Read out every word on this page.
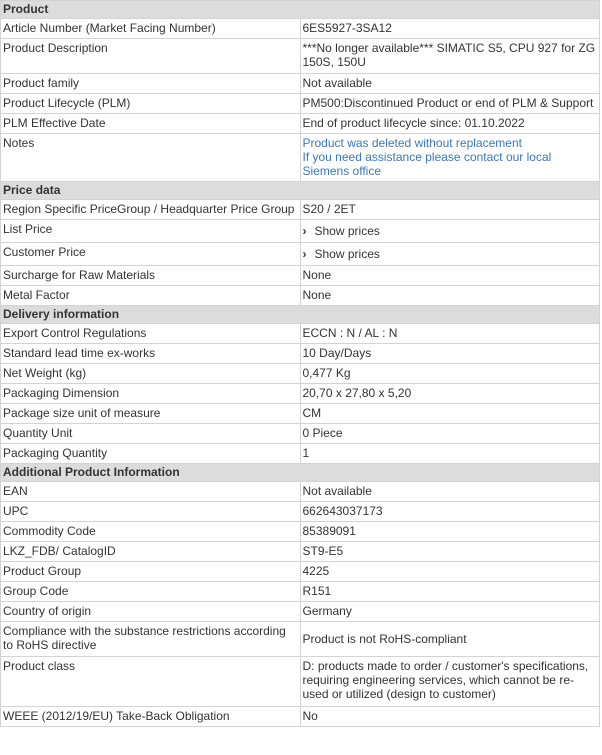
Product	
Article Number (Market Facing Number)	6ES5927-3SA12
Product Description	***No longer available*** SIMATIC S5, CPU 927 for ZG 150S, 150U
Product family	Not available
Product Lifecycle (PLM)	PM500:Discontinued Product or end of PLM & Support
PLM Effective Date	End of product lifecycle since: 01.10.2022
Notes	Product was deleted without replacement
If you need assistance please contact our local Siemens office

Price data	
Region Specific PriceGroup / Headquarter Price Group	S20 / 2ET
List Price	› Show prices
Customer Price	› Show prices
Surcharge for Raw Materials	None
Metal Factor	None
Delivery information	
Export Control Regulations	ECCN : N / AL : N
Standard lead time ex-works	10 Day/Days
Net Weight (kg)	0,477 Kg
Packaging Dimension	20,70 x 27,80 x 5,20
Package size unit of measure	CM
Quantity Unit	0 Piece
Packaging Quantity	1
Additional Product Information	
EAN	Not available
UPC	662643037173
Commodity Code	85389091
LKZ_FDB/ CatalogID	ST9-E5
Product Group	4225
Group Code	R151
Country of origin	Germany
Compliance with the substance restrictions according to RoHS directive	Product is not RoHS-compliant
Product class	D: products made to order / customer's specifications, requiring engineering services, which cannot be re-used or utilized (design to customer)
WEEE (2012/19/EU) Take-Back Obligation	No
